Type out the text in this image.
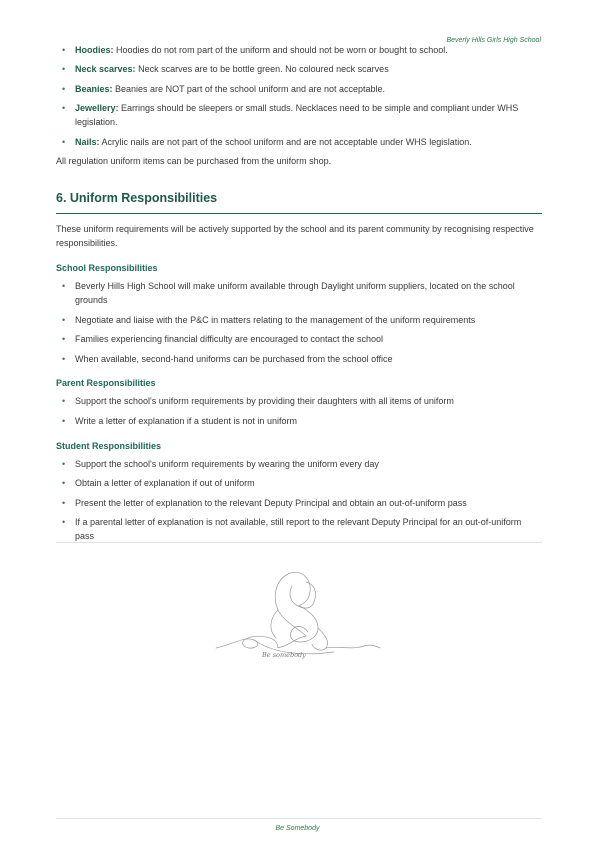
Beverly Hills Girls High School
• Hoodies: Hoodies do not rom part of the uniform and should not be worn or bought to school.
• Neck scarves: Neck scarves are to be bottle green. No coloured neck scarves
• Beanies: Beanies are NOT part of the school uniform and are not acceptable.
• Jewellery: Earrings should be sleepers or small studs. Necklaces need to be simple and compliant under WHS legislation.
• Nails: Acrylic nails are not part of the school uniform and are not acceptable under WHS legislation.

All regulation uniform items can be purchased from the uniform shop.

6. Uniform Responsibilities

These uniform requirements will be actively supported by the school and its parent community by recognising respective responsibilities.

School Responsibilities
• Beverly Hills High School will make uniform available through Daylight uniform suppliers, located on the school grounds
• Negotiate and liaise with the P&C in matters relating to the management of the uniform requirements
• Families experiencing financial difficulty are encouraged to contact the school
• When available, second-hand uniforms can be purchased from the school office
Parent Responsibilities
• Support the school's uniform requirements by providing their daughters with all items of uniform
• Write a letter of explanation if a student is not in uniform
Student Responsibilities
• Support the school's uniform requirements by wearing the uniform every day
• Obtain a letter of explanation if out of uniform
• Present the letter of explanation to the relevant Deputy Principal and obtain an out-of-uniform pass
• If a parental letter of explanation is not available, still report to the relevant Deputy Principal for an out-of-uniform pass
Be somebody
Be Somebody
